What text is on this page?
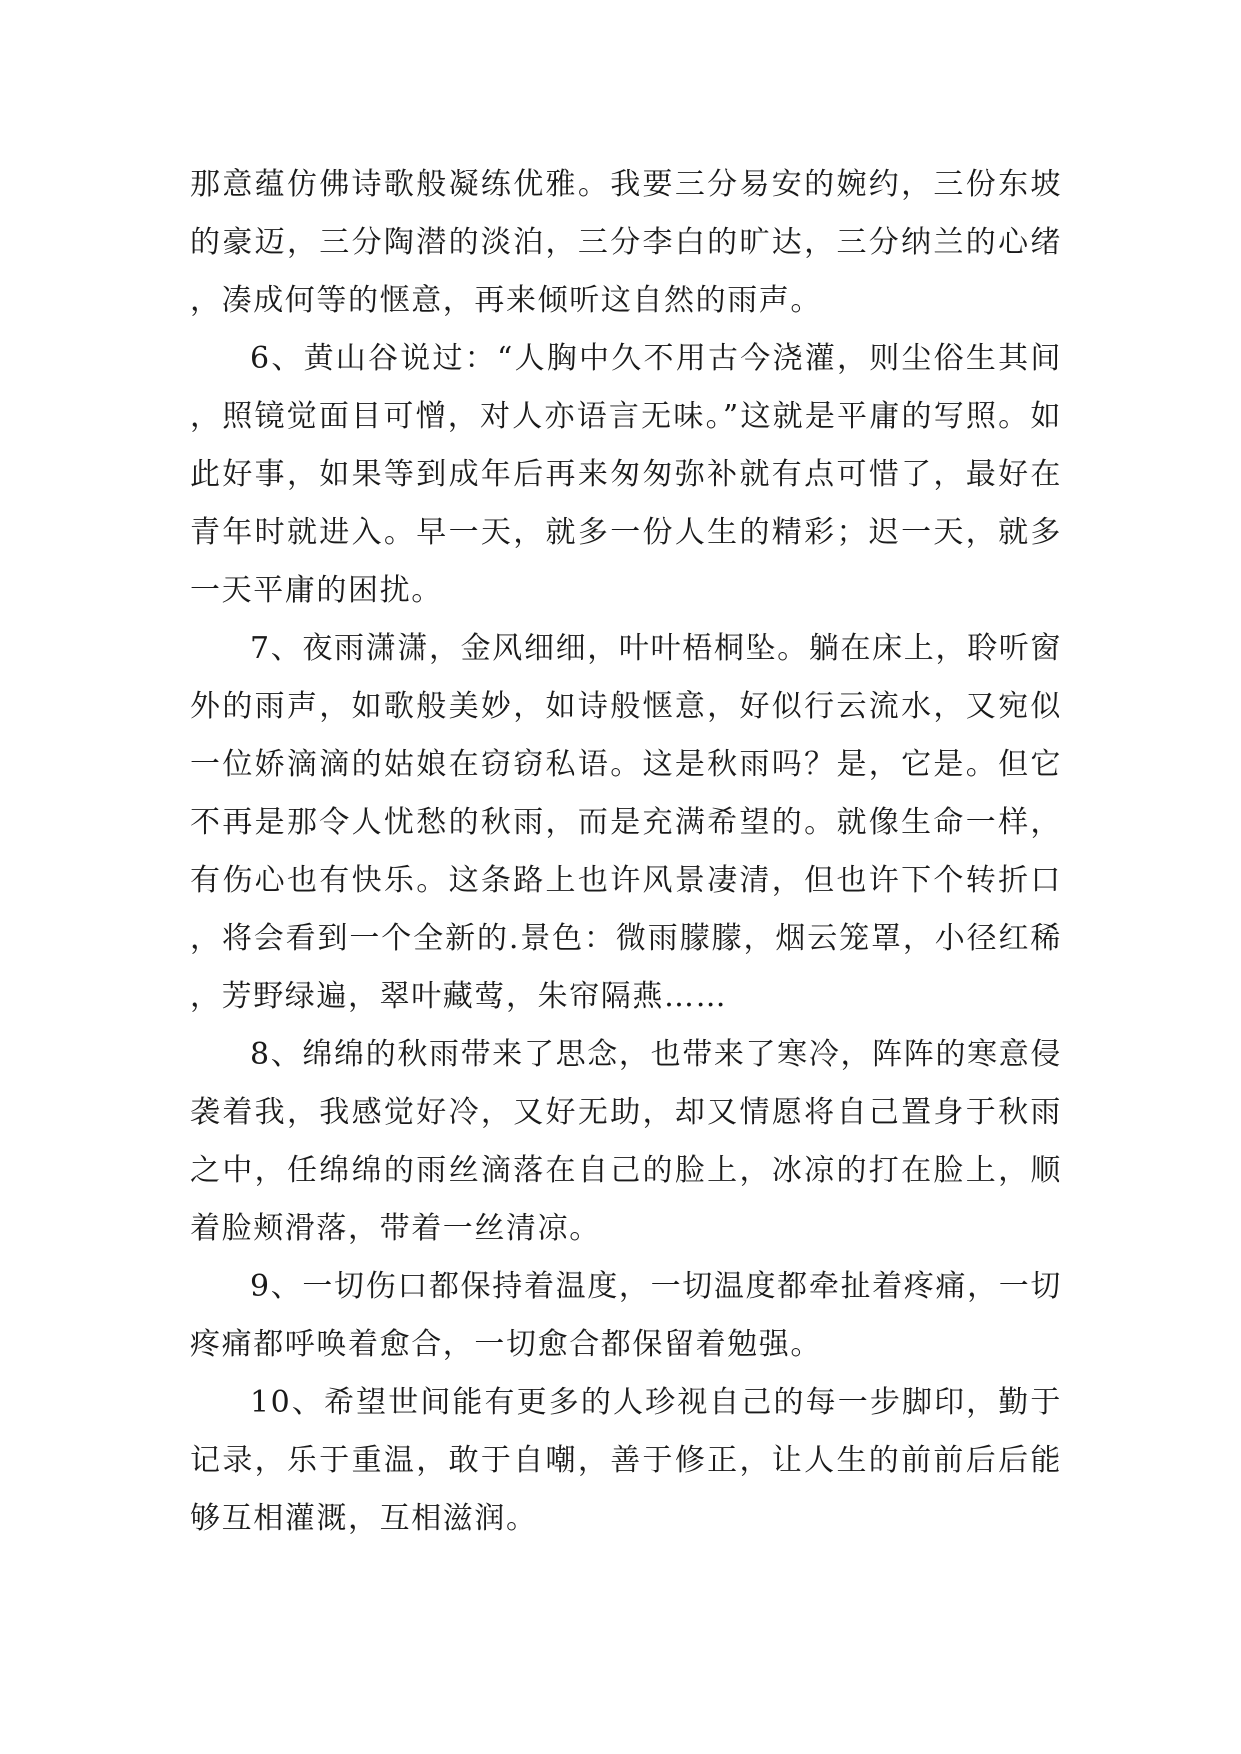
那意蕴仿佛诗歌般凝练优雅。我要三分易安的婉约，三份东坡的豪迈，三分陶潜的淡泊，三分李白的旷达，三分纳兰的心绪，凑成何等的惬意，再来倾听这自然的雨声。

6、黄山谷说过：“人胸中久不用古今浇灌，则尘俗生其间，照镜觉面目可憎，对人亦语言无味。”这就是平庸的写照。如此好事，如果等到成年后再来匆匆弥补就有点可惜了，最好在青年时就进入。早一天，就多一份人生的精彩；迟一天，就多一天平庸的困扰。

7、夜雨潇潇，金风细细，叶叶梧桐坠。躺在床上，聆听窗外的雨声，如歌般美妙，如诗般惬意，好似行云流水，又宛似一位娇滴滴的姑娘在窃窃私语。这是秋雨吗？是，它是。但它不再是那令人忧愁的秋雨，而是充满希望的。就像生命一样，有伤心也有快乐。这条路上也许风景凄清，但也许下个转折口，将会看到一个全新的.景色：微雨朦朦，烟云笼罩，小径红稀，芳野绿遍，翠叶藏莺，朱帘隔燕……

8、绵绵的秋雨带来了思念，也带来了寒冷，阵阵的寒意侵袭着我，我感觉好冷，又好无助，却又情愿将自己置身于秋雨之中，任绵绵的雨丝滴落在自己的脸上，冰凉的打在脸上，顺着脸颊滑落，带着一丝清凉。

9、一切伤口都保持着温度，一切温度都牵扯着疼痛，一切疼痛都呼唤着愈合，一切愈合都保留着勉强。

10、希望世间能有更多的人珍视自己的每一步脚印，勤于记录，乐于重温，敢于自嘲，善于修正，让人生的前前后后能够互相灌溉，互相滋润。
